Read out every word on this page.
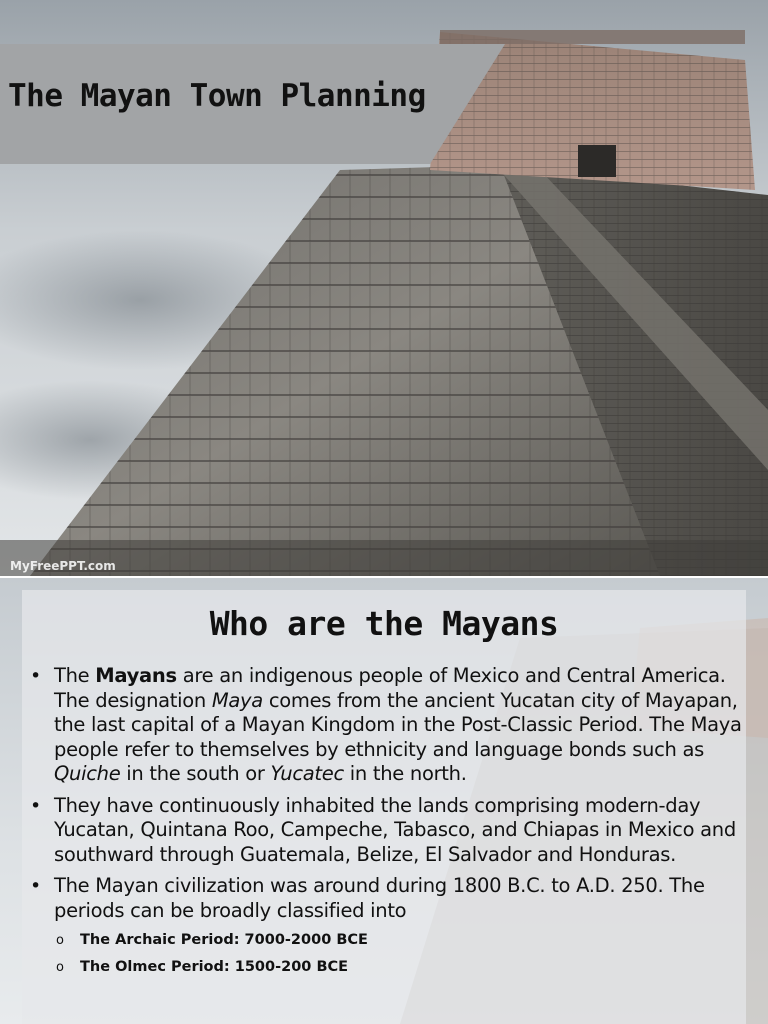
The Mayan Town Planning
MyFreePPT.com
Who are the Mayans
• The Mayans are an indigenous people of Mexico and Central America. The designation Maya comes from the ancient Yucatan city of Mayapan, the last capital of a Mayan Kingdom in the Post-Classic Period. The Maya people refer to themselves by ethnicity and language bonds such as Quiche in the south or Yucatec in the north.
• They have continuously inhabited the lands comprising modern-day Yucatan, Quintana Roo, Campeche, Tabasco, and Chiapas in Mexico and southward through Guatemala, Belize, El Salvador and Honduras.
• The Mayan civilization was around during 1800 B.C. to A.D. 250. The periods can be broadly classified into
o The Archaic Period: 7000-2000 BCE
o The Olmec Period: 1500-200 BCE
